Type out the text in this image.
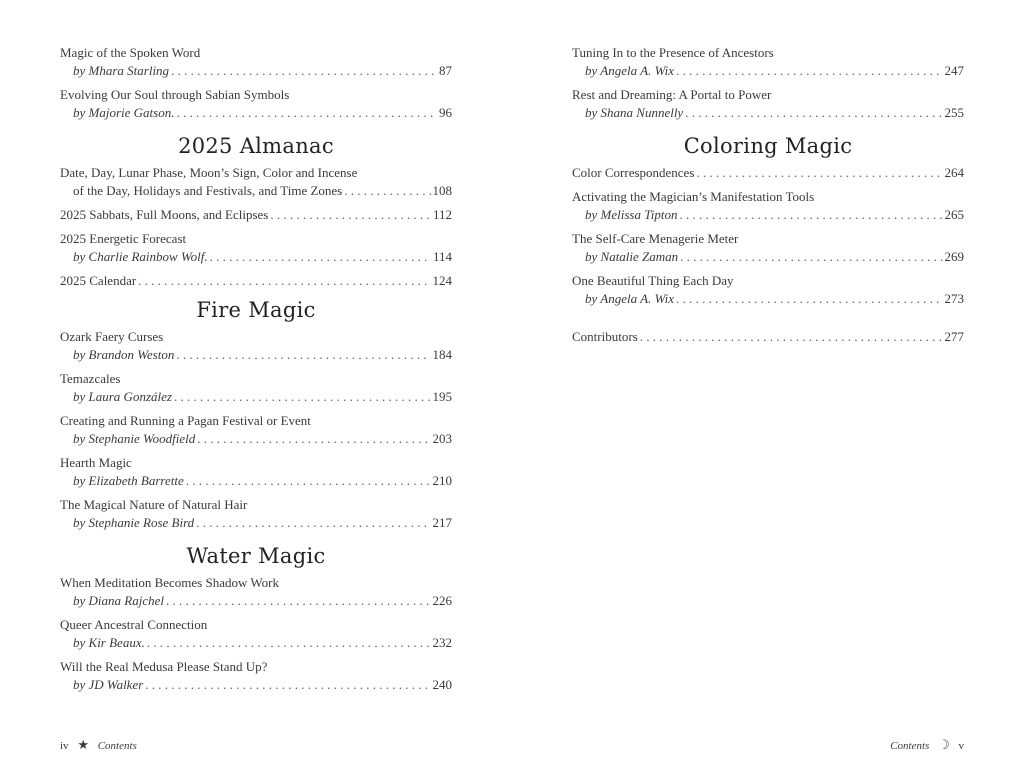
Magic of the Spoken Word
by Mhara Starling . . .	87
Evolving Our Soul through Sabian Symbols
by Majorie Gatson. . . .	96
2025 Almanac
Date, Day, Lunar Phase, Moon’s Sign, Color and Incense
of the Day, Holidays and Festivals, and Time Zones . . .	108
2025 Sabbats, Full Moons, and Eclipses . . .	112
2025 Energetic Forecast
by Charlie Rainbow Wolf. . . .	114
2025 Calendar . . .	124
Fire Magic
Ozark Faery Curses
by Brandon Weston . . .	184
Temazcales
by Laura González . . .	195
Creating and Running a Pagan Festival or Event
by Stephanie Woodfield . . .	203
Hearth Magic
by Elizabeth Barrette . . .	210
The Magical Nature of Natural Hair
by Stephanie Rose Bird . . .	217
Water Magic
When Meditation Becomes Shadow Work
by Diana Rajchel . . .	226
Queer Ancestral Connection
by Kir Beaux. . . .	232
Will the Real Medusa Please Stand Up?
by JD Walker . . .	240
iv ★ Contents
Tuning In to the Presence of Ancestors
by Angela A. Wix . . .	247
Rest and Dreaming: A Portal to Power
by Shana Nunnelly . . .	255
Coloring Magic
Color Correspondences . . .	264
Activating the Magician’s Manifestation Tools
by Melissa Tipton . . .	265
The Self-Care Menagerie Meter
by Natalie Zaman . . .	269
One Beautiful Thing Each Day
by Angela A. Wix . . .	273
Contributors . . .	277
Contents ☽ v
